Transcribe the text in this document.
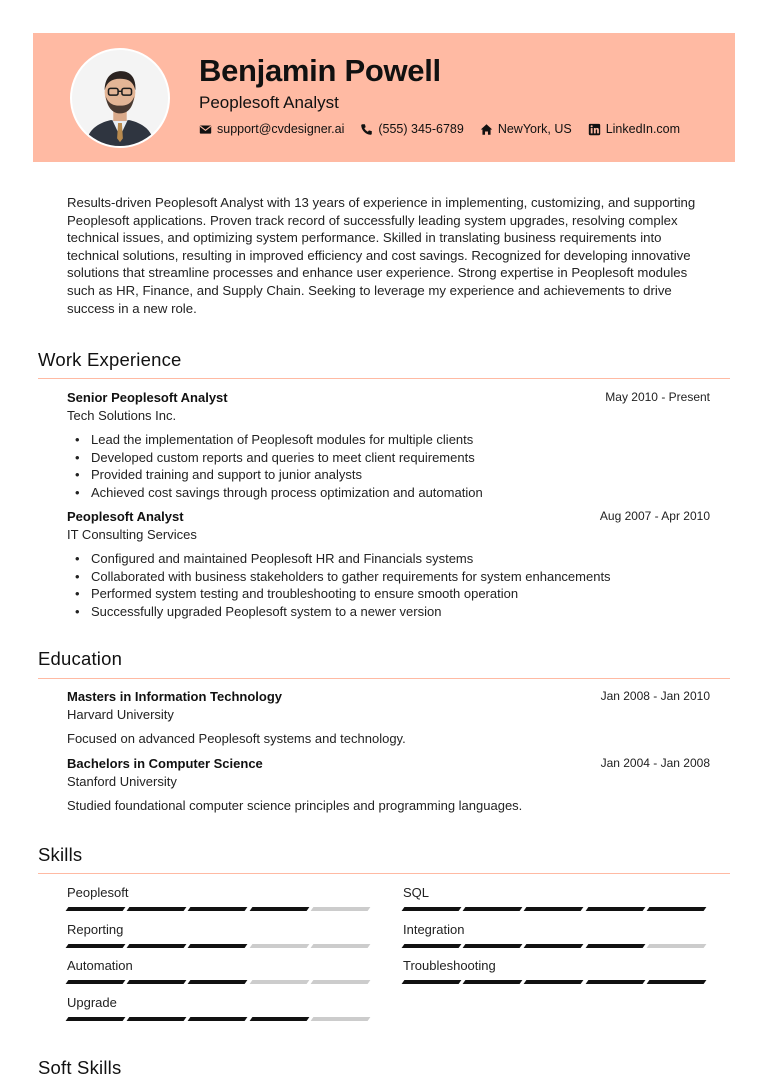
Benjamin Powell
Peoplesoft Analyst
support@cvdesigner.ai	(555) 345-6789	NewYork, US	LinkedIn.com

Results-driven Peoplesoft Analyst with 13 years of experience in implementing, customizing, and supporting Peoplesoft applications. Proven track record of successfully leading system upgrades, resolving complex technical issues, and optimizing system performance. Skilled in translating business requirements into technical solutions, resulting in improved efficiency and cost savings. Recognized for developing innovative solutions that streamline processes and enhance user experience. Strong expertise in Peoplesoft modules such as HR, Finance, and Supply Chain. Seeking to leverage my experience and achievements to drive success in a new role.

Work Experience
Senior Peoplesoft Analyst	May 2010 - Present
Tech Solutions Inc.
• Lead the implementation of Peoplesoft modules for multiple clients
• Developed custom reports and queries to meet client requirements
• Provided training and support to junior analysts
• Achieved cost savings through process optimization and automation
Peoplesoft Analyst	Aug 2007 - Apr 2010
IT Consulting Services
• Configured and maintained Peoplesoft HR and Financials systems
• Collaborated with business stakeholders to gather requirements for system enhancements
• Performed system testing and troubleshooting to ensure smooth operation
• Successfully upgraded Peoplesoft system to a newer version
Education
Masters in Information Technology	Jan 2008 - Jan 2010
Harvard University
Focused on advanced Peoplesoft systems and technology.
Bachelors in Computer Science	Jan 2004 - Jan 2008
Stanford University
Studied foundational computer science principles and programming languages.
Skills
Peoplesoft	SQL
Reporting	Integration
Automation	Troubleshooting
Upgrade
Soft Skills
